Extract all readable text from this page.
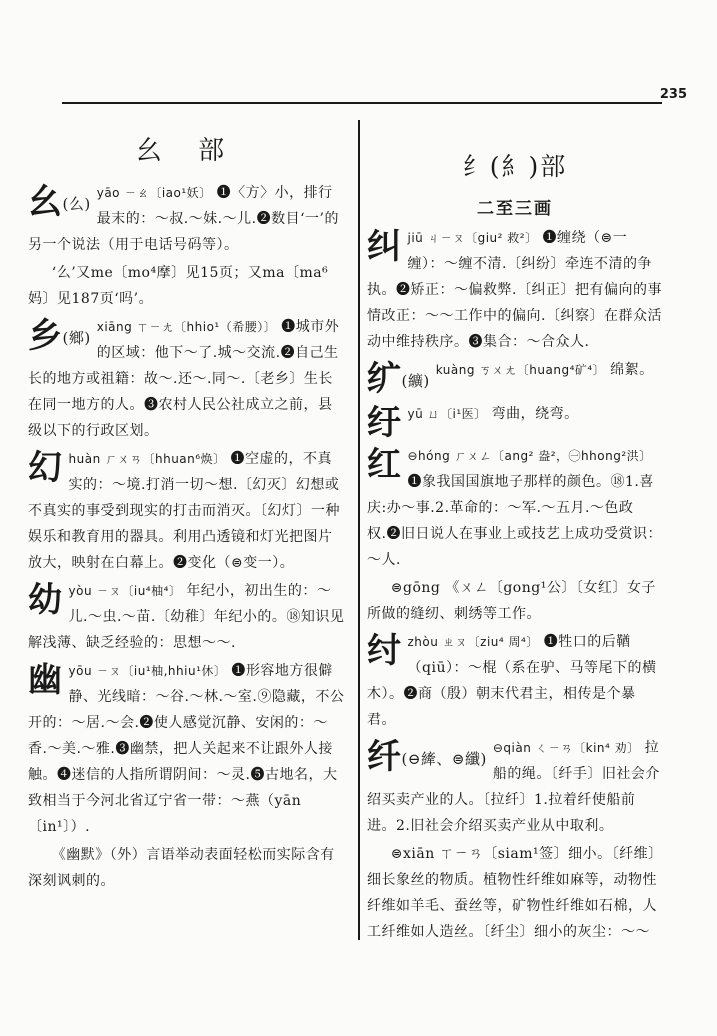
235
幺 部
幺(么)
yāo ㄧㄠ〔iao¹妖〕 ❶〈方〉小，排行最末的：～叔.～妹.～儿.❷数目‘一’的另一个说法（用于电话号码等）。
‘么’又me〔mo⁴摩〕见15页；又ma〔ma⁶妈〕见187页‘吗’。
乡(鄉)
xiāng ㄒㄧㄤ〔hhio¹（希腰）〕 ❶城市外的区域：他下～了.城～交流.❷自己生长的地方或祖籍：故～.还～.同～.〔老乡〕生长在同一地方的人。❸农村人民公社成立之前，县级以下的行政区划。
幻huàn ㄏㄨㄢ〔hhuan⁶焕〕 ❶空虚的，不真实的：～境.打消一切～想.〔幻灭〕幻想或不真实的事受到现实的打击而消灭。〔幻灯〕一种娱乐和教育用的器具。利用凸透镜和灯光把图片放大，映射在白幕上。❷变化（⊜变一）。
幼yòu ㄧㄡ〔iu⁴柚⁴〕 年纪小，初出生的：～儿.～虫.～苗.〔幼稚〕年纪小的。⑱知识见解浅薄、缺乏经验的：思想～～.
幽yōu ㄧㄡ〔iu¹柚,hhiu¹休〕 ❶形容地方很僻静、光线暗：～谷.～林.～室.⑨隐藏，不公开的：～居.～会.❷使人感觉沉静、安闲的：～香.～美.～雅.❸幽禁，把人关起来不让跟外人接触。❹迷信的人指所谓阴间：～灵.❺古地名，大致相当于今河北省辽宁省一带：～燕（yān〔in¹〕）.
《幽默》（外）言语举动表面轻松而实际含有深刻讽刺的。
纟(糹)部
二至三画
纠jiū ㄐㄧㄡ〔giu² 救²〕 ❶缠绕（⊜一缠）：～缠不清.〔纠纷〕牵连不清的争执。❷矫正：～偏救弊.〔纠正〕把有偏向的事情改正：～～工作中的偏向.〔纠察〕在群众活动中维持秩序。❸集合：～合众人.
纩(纊)
kuàng ㄎㄨㄤ〔huang⁴矿⁴〕 绵絮。
纡yū ㄩ〔i¹医〕 弯曲，绕弯。
红 ⊖hóng ㄏㄨㄥ〔ang² 盎²，㊀hhong²洪〕 ❶象我国国旗地子那样的颜色。⑱1.喜庆:办～事.2.革命的：～军.～五月.～色政权.❷旧日说人在事业上或技艺上成功受赏识：～人.
⊜gōng 《ㄨㄥ〔gong¹公〕〔女红〕女子所做的缝纫、刺绣等工作。
纣zhòu ㄓㄡ〔ziu⁴ 周⁴〕 ❶牲口的后鞧（qiū）：～棍（系在驴、马等尾下的横木）。❷商（殷）朝末代君主，相传是个暴君。
纤(⊖縴、⊜纖)
⊖qiàn ㄑㄧㄢ〔kin⁴ 劝〕 拉船的绳。〔纤手〕旧社会介绍买卖产业的人。〔拉纤〕1.拉着纤使船前进。2.旧社会介绍买卖产业从中取利。
⊜xiān ㄒㄧㄢ〔siam¹签〕细小。〔纤维〕细长象丝的物质。植物性纤维如麻等，动物性纤维如羊毛、蚕丝等，矿物性纤维如石棉，人工纤维如人造丝。〔纤尘〕细小的灰尘：～～
